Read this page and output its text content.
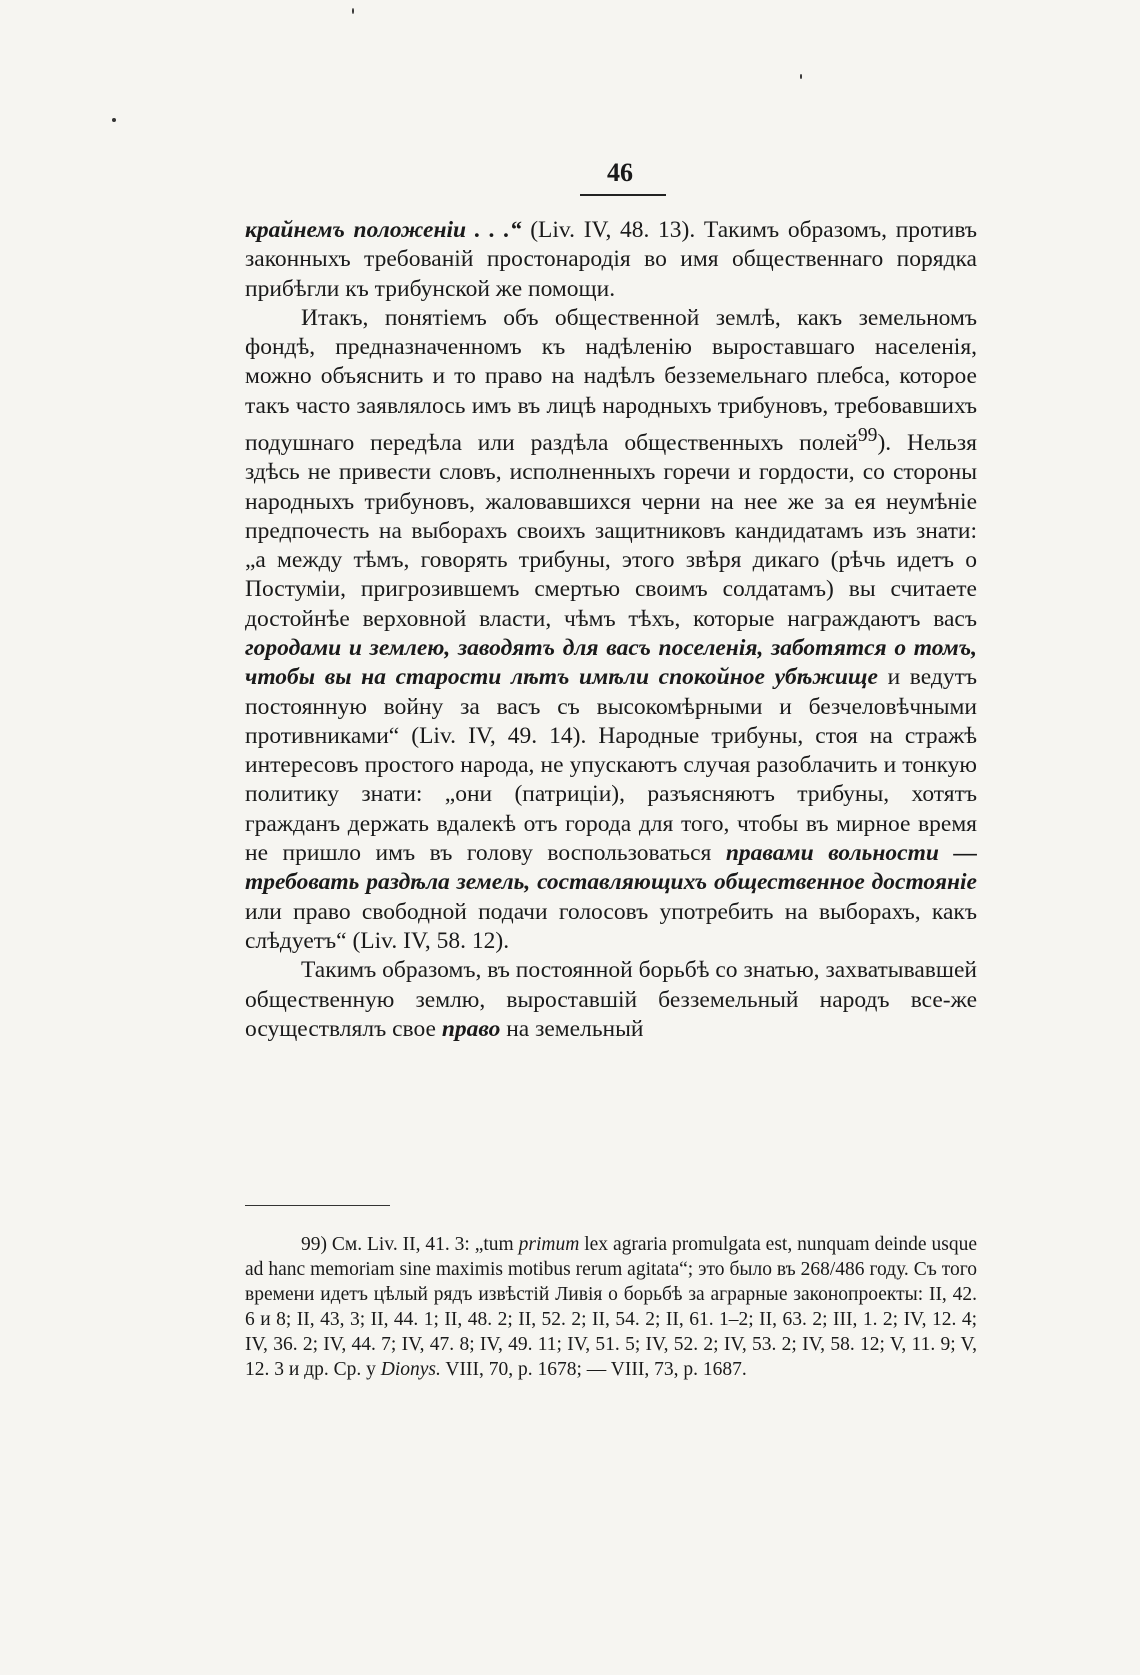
46

крайнемъ положеніи . . .“ (Liv. IV, 48. 13). Такимъ образомъ, противъ законныхъ требованій простонародія во имя общественнаго порядка прибѣгли къ трибунской же помощи.

Итакъ, понятіемъ объ общественной землѣ, какъ земельномъ фондѣ, предназначенномъ къ надѣленію выроставшаго населенія, можно объяснить и то право на надѣлъ безземельнаго плебса, которое такъ часто заявлялось имъ въ лицѣ народныхъ трибуновъ, требовавшихъ подушнаго передѣла или раздѣла общественныхъ полей$^{99}$). Нельзя здѣсь не привести словъ, исполненныхъ горечи и гордости, со стороны народныхъ трибуновъ, жаловавшихся черни на нее же за ея неумѣніе предпочесть на выборахъ своихъ защитниковъ кандидатамъ изъ знати: „а между тѣмъ, говорять трибуны, этого звѣря дикаго (рѣчь идетъ о Постуміи, пригрозившемъ смертью своимъ солдатамъ) вы считаете достойнѣе верховной власти, чѣмъ тѣхъ, которые награждаютъ васъ городами и землею, заводятъ для васъ поселенія, заботятся о томъ, чтобы вы на старости лѣтъ имѣли спокойное убѣжище и ведутъ постоянную войну за васъ съ высокомѣрными и безчеловѣчными противниками“ (Liv. IV, 49. 14). Народные трибуны, стоя на стражѣ интересовъ простого народа, не упускаютъ случая разоблачить и тонкую политику знати: „они (патриціи), разъясняютъ трибуны, хотятъ гражданъ держать вдалекѣ отъ города для того, чтобы въ мирное время не пришло имъ въ голову воспользоваться правами вольности — требовать раздѣла земель, составляющихъ общественное достояніе или право свободной подачи голосовъ употребить на выборахъ, какъ слѣдуетъ“ (Liv. IV, 58. 12).

Такимъ образомъ, въ постоянной борьбѣ со знатью, захватывавшей общественную землю, выроставшій безземельный народъ все-же осуществлялъ свое право на земельный

99) См. Liv. II, 41. 3: „tum primum lex agraria promulgata est, nunquam deinde usque ad hanc memoriam sine maximis motibus rerum agitata“; это было въ 268/486 году. Съ того времени идетъ цѣлый рядъ извѣстій Ливія о борьбѣ за аграрные законопроекты: II, 42. 6 и 8; II, 43, 3; II, 44. 1; II, 48. 2; II, 52. 2; II, 54. 2; II, 61. 1–2; II, 63. 2; III, 1. 2; IV, 12. 4; IV, 36. 2; IV, 44. 7; IV, 47. 8; IV, 49. 11; IV, 51. 5; IV, 52. 2; IV, 53. 2; IV, 58. 12; V, 11. 9; V, 12. 3 и др. Ср. у Dionys. VIII, 70, p. 1678; — VIII, 73, p. 1687.
